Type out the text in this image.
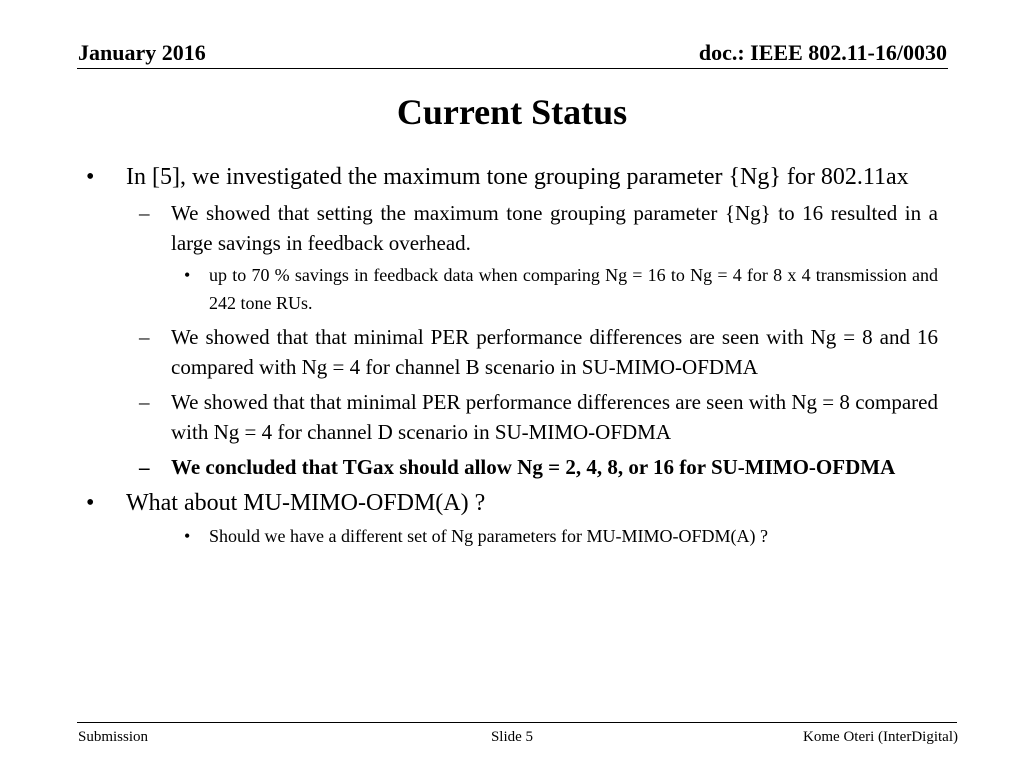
January 2016	doc.: IEEE 802.11-16/0030
Current Status
• In [5], we investigated the maximum tone grouping parameter {Ng} for 802.11ax
– We showed that setting the maximum tone grouping parameter {Ng} to 16 resulted in a large savings in feedback overhead.
• up to 70 % savings in feedback data when comparing Ng = 16 to Ng = 4 for 8 x 4 transmission and 242 tone RUs.
– We showed that that minimal PER performance differences are seen with Ng = 8 and 16 compared with Ng = 4 for channel B scenario in SU-MIMO-OFDMA
– We showed that that minimal PER performance differences are seen with Ng = 8 compared with Ng = 4 for channel D scenario in SU-MIMO-OFDMA
– We concluded that TGax should allow Ng = 2, 4, 8, or 16 for SU-MIMO-OFDMA
• What about MU-MIMO-OFDM(A) ?
• Should we have a different set of Ng parameters for MU-MIMO-OFDM(A) ?
Submission	Slide 5	Kome Oteri (InterDigital)
